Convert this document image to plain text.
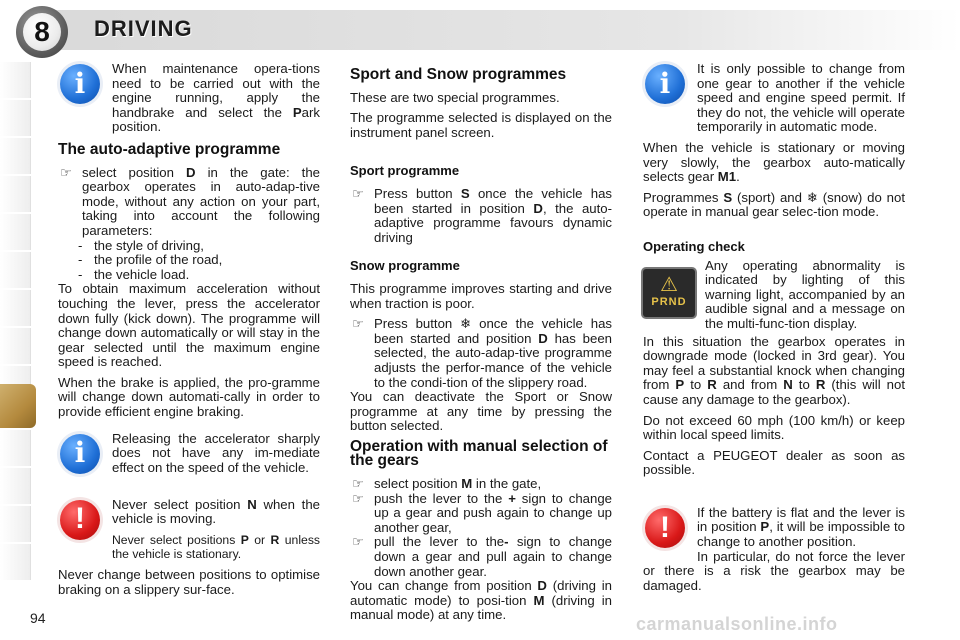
8	DRIVING
i	When maintenance opera-tions need to be carried out with the engine running, apply the handbrake and select the Park position.

The auto-adaptive programme

☞ select position D in the gate: the gearbox operates in auto-adap-tive mode, without any action on your part, taking into account the following parameters:

- the style of driving,
- the profile of the road,
- the vehicle load.

To obtain maximum acceleration without touching the lever, press the accelerator down fully (kick down). The programme will change down automatically or will stay in the gear selected until the maximum engine speed is reached.

When the brake is applied, the pro-gramme will change down automati-cally in order to provide efficient engine braking.

i	Releasing the accelerator sharply does not have any im-mediate effect on the speed of the vehicle.

!	Never select position N when the vehicle is moving.

Never select positions P or R unless the vehicle is stationary.

Never change between positions to optimise braking on a slippery sur-face.

Sport and Snow programmes

These are two special programmes.

The programme selected is displayed on the instrument panel screen.

Sport programme

☞ Press button S once the vehicle has been started in position D, the auto-adaptive programme favours dynamic driving

Snow programme

This programme improves starting and drive when traction is poor.

☞ Press button ❄ once the vehicle has been started and position D has been selected, the auto-adap-tive programme adjusts the perfor-mance of the vehicle to the condi-tion of the slippery road.

You can deactivate the Sport or Snow programme at any time by pressing the button selected.

Operation with manual selection of the gears

☞ select position M in the gate,

☞ push the lever to the + sign to change up a gear and push again to change up another gear,

☞ pull the lever to the- sign to change down a gear and pull again to change down another gear.

You can change from position D (driving in automatic mode) to posi-tion M (driving in manual mode) at any time.

i	It is only possible to change from one gear to another if the vehicle speed and engine speed permit. If they do not, the vehicle will operate temporarily in automatic mode.

When the vehicle is stationary or moving very slowly, the gearbox auto-matically selects gear M1.

Programmes S (sport) and ❄ (snow) do not operate in manual gear selec-tion mode.

Operating check
⚠
PRND

Any operating abnormality is indicated by lighting of this warning light, accompanied by an audible signal and a message on the multi-func-tion display.

In this situation the gearbox operates in downgrade mode (locked in 3rd gear). You may feel a substantial knock when changing from P to R and from N to R (this will not cause any damage to the gearbox).

Do not exceed 60 mph (100 km/h) or keep within local speed limits.

Contact a PEUGEOT dealer as soon as possible.

!	If the battery is flat and the lever is in position P, it will be impossible to change to another position.

In particular, do not force the lever or there is a risk the gearbox may be damaged.

94	carmanualsonline.info
